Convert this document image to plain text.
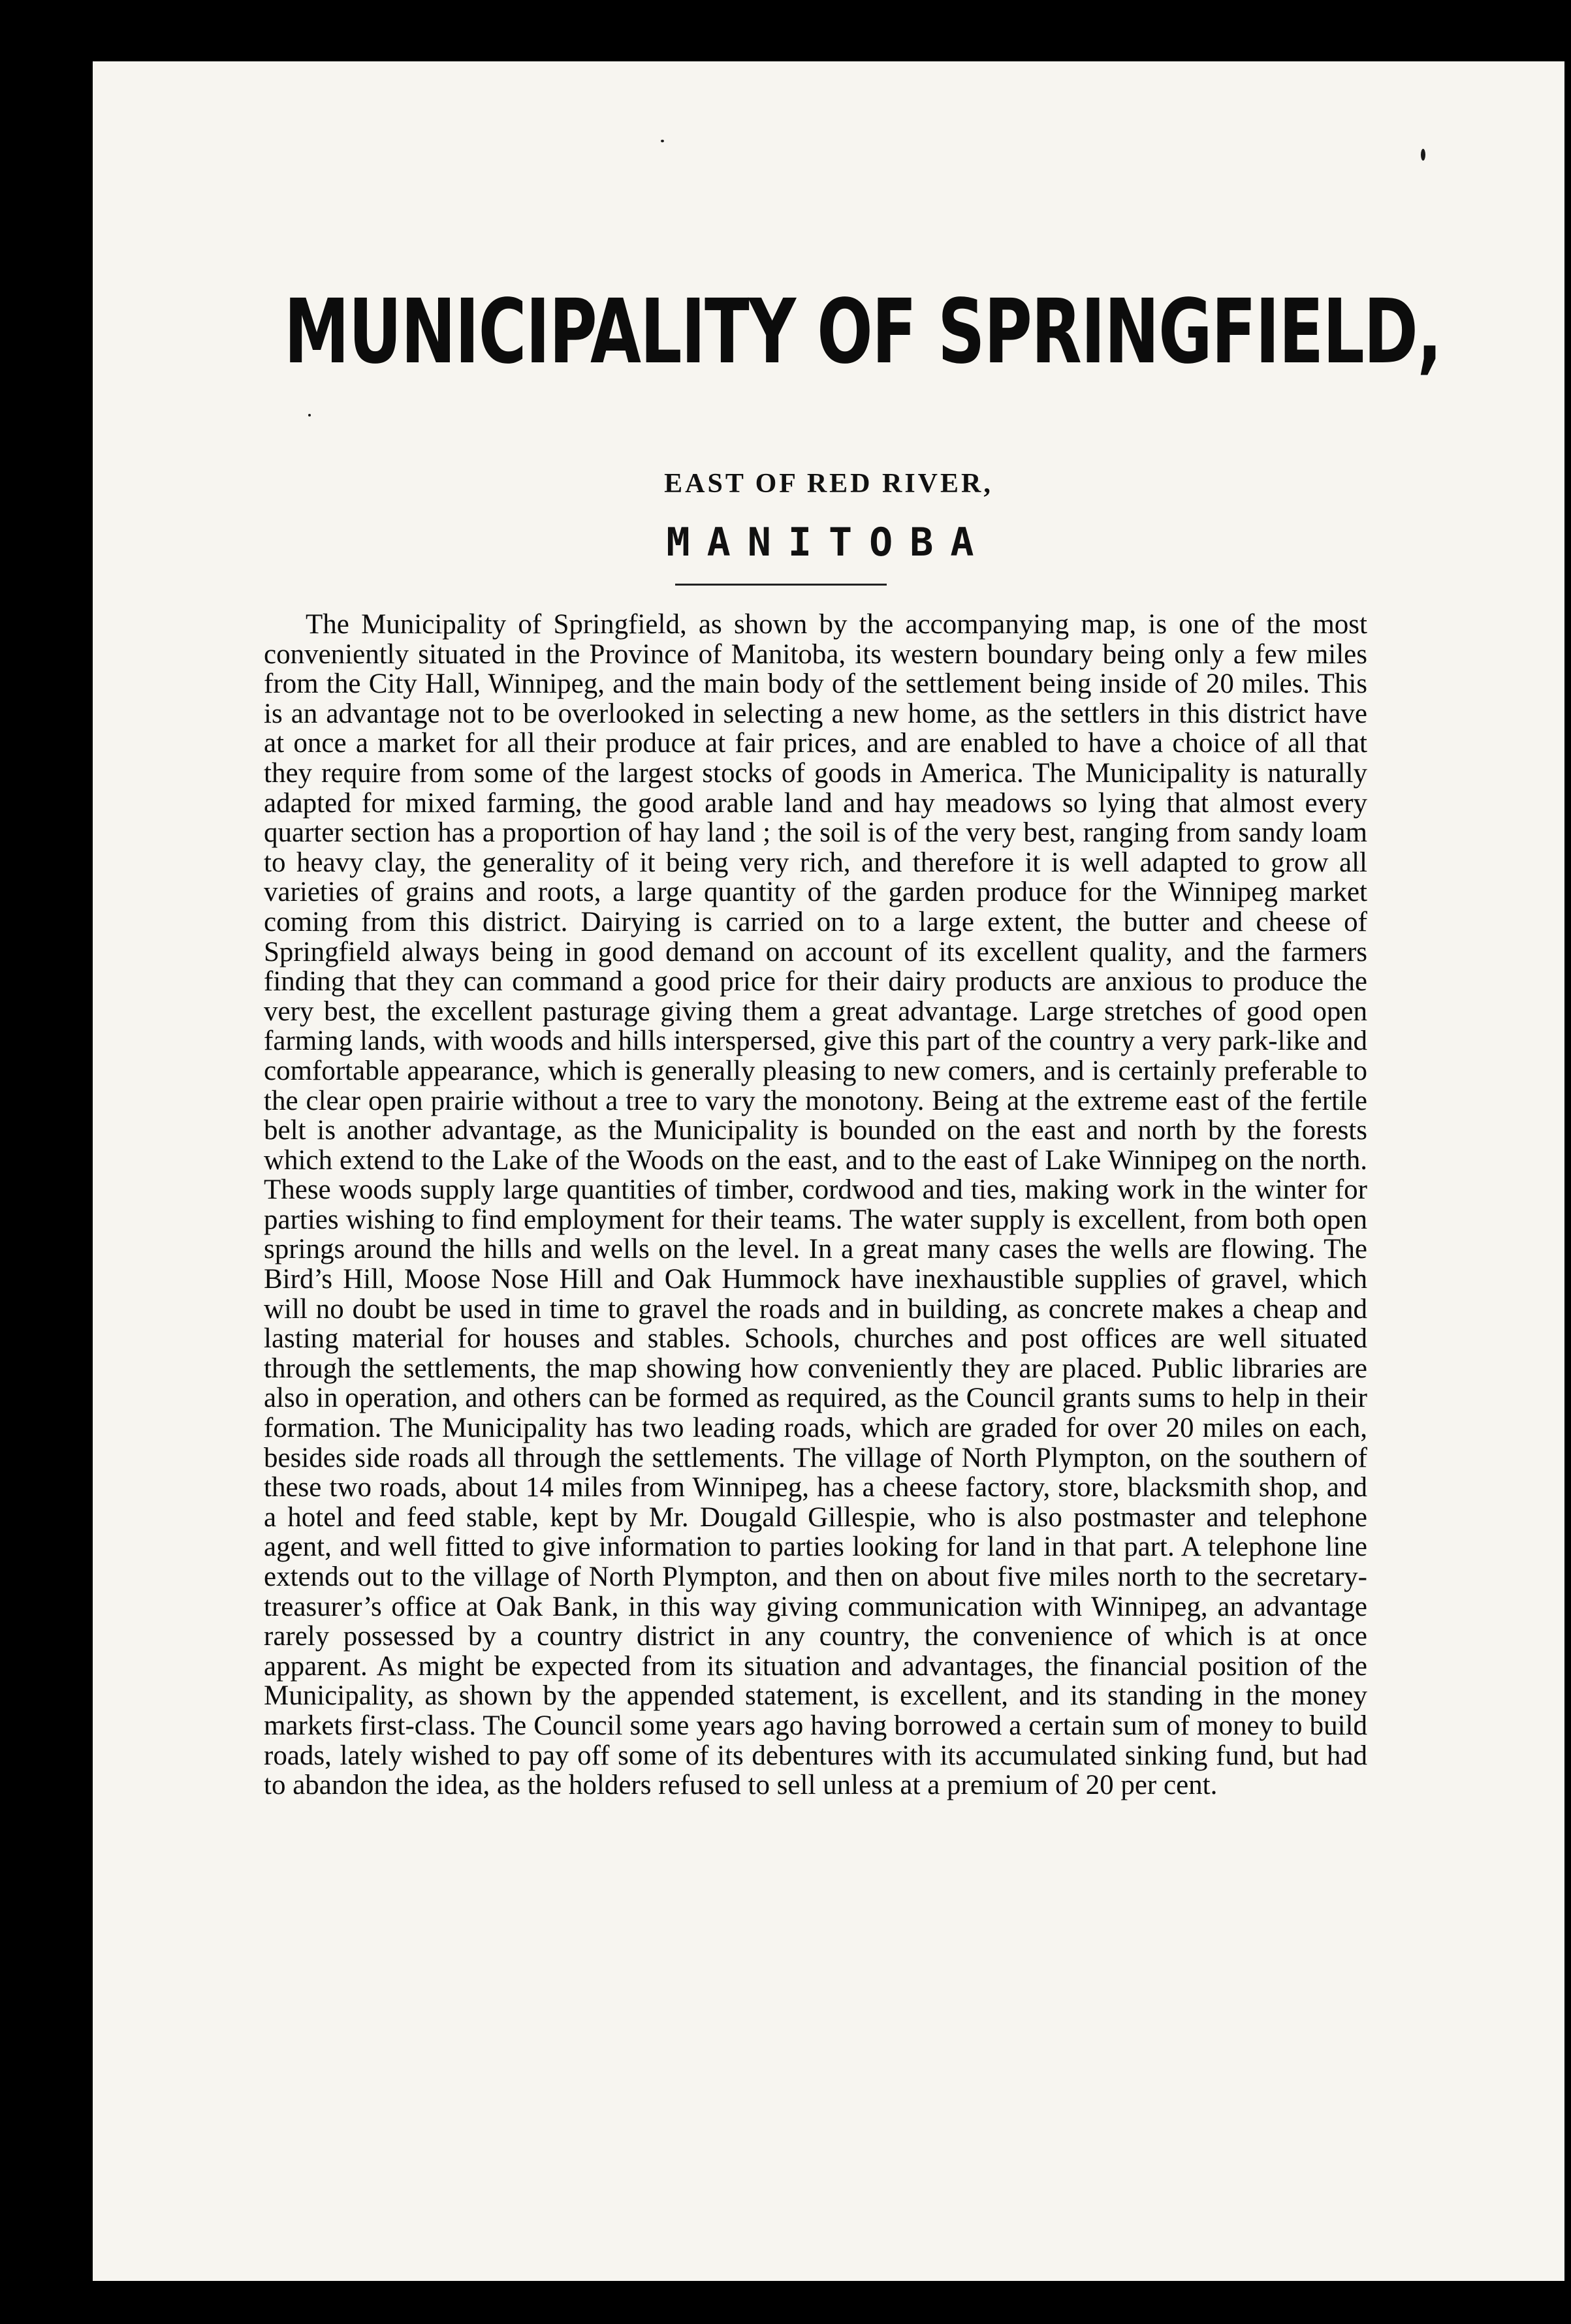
MUNICIPALITY OF SPRINGFIELD,
EAST OF RED RIVER,
MANITOBA

The Municipality of Springfield, as shown by the accompanying map, is one of the most conveniently situated in the Province of Manitoba, its western boundary being only a few miles from the City Hall, Winnipeg, and the main body of the settlement being inside of 20 miles. This is an advantage not to be overlooked in selecting a new home, as the settlers in this district have at once a market for all their produce at fair prices, and are enabled to have a choice of all that they require from some of the largest stocks of goods in America. The Municipality is naturally adapted for mixed farming, the good arable land and hay meadows so lying that almost every quarter section has a proportion of hay land ; the soil is of the very best, ranging from sandy loam to heavy clay, the generality of it being very rich, and therefore it is well adapted to grow all varieties of grains and roots, a large quantity of the garden produce for the Winnipeg market coming from this district. Dairying is carried on to a large extent, the butter and cheese of Springfield always being in good demand on account of its excellent quality, and the farmers finding that they can command a good price for their dairy products are anxious to produce the very best, the excellent pasturage giving them a great advantage. Large stretches of good open farming lands, with woods and hills interspersed, give this part of the country a very park-like and comfortable appearance, which is generally pleasing to new comers, and is certainly preferable to the clear open prairie without a tree to vary the monotony. Being at the extreme east of the fertile belt is another advantage, as the Municipality is bounded on the east and north by the forests which extend to the Lake of the Woods on the east, and to the east of Lake Winnipeg on the north. These woods supply large quantities of timber, cordwood and ties, making work in the winter for parties wishing to find employment for their teams. The water supply is excellent, from both open springs around the hills and wells on the level. In a great many cases the wells are flowing. The Bird’s Hill, Moose Nose Hill and Oak Hummock have inexhaustible supplies of gravel, which will no doubt be used in time to gravel the roads and in building, as concrete makes a cheap and lasting material for houses and stables. Schools, churches and post offices are well situated through the settlements, the map showing how conveniently they are placed. Public libraries are also in operation, and others can be formed as required, as the Council grants sums to help in their formation. The Municipality has two leading roads, which are graded for over 20 miles on each, besides side roads all through the settlements. The village of North Plympton, on the southern of these two roads, about 14 miles from Winnipeg, has a cheese factory, store, blacksmith shop, and a hotel and feed stable, kept by Mr. Dougald Gillespie, who is also postmaster and telephone agent, and well fitted to give information to parties looking for land in that part. A telephone line extends out to the village of North Plympton, and then on about five miles north to the secretary-treasurer’s office at Oak Bank, in this way giving communication with Winnipeg, an advantage rarely possessed by a country district in any country, the convenience of which is at once apparent. As might be expected from its situation and advantages, the financial position of the Municipality, as shown by the appended statement, is excellent, and its standing in the money markets first-class. The Council some years ago having borrowed a certain sum of money to build roads, lately wished to pay off some of its debentures with its accumulated sinking fund, but had to abandon the idea, as the holders refused to sell unless at a premium of 20 per cent.
